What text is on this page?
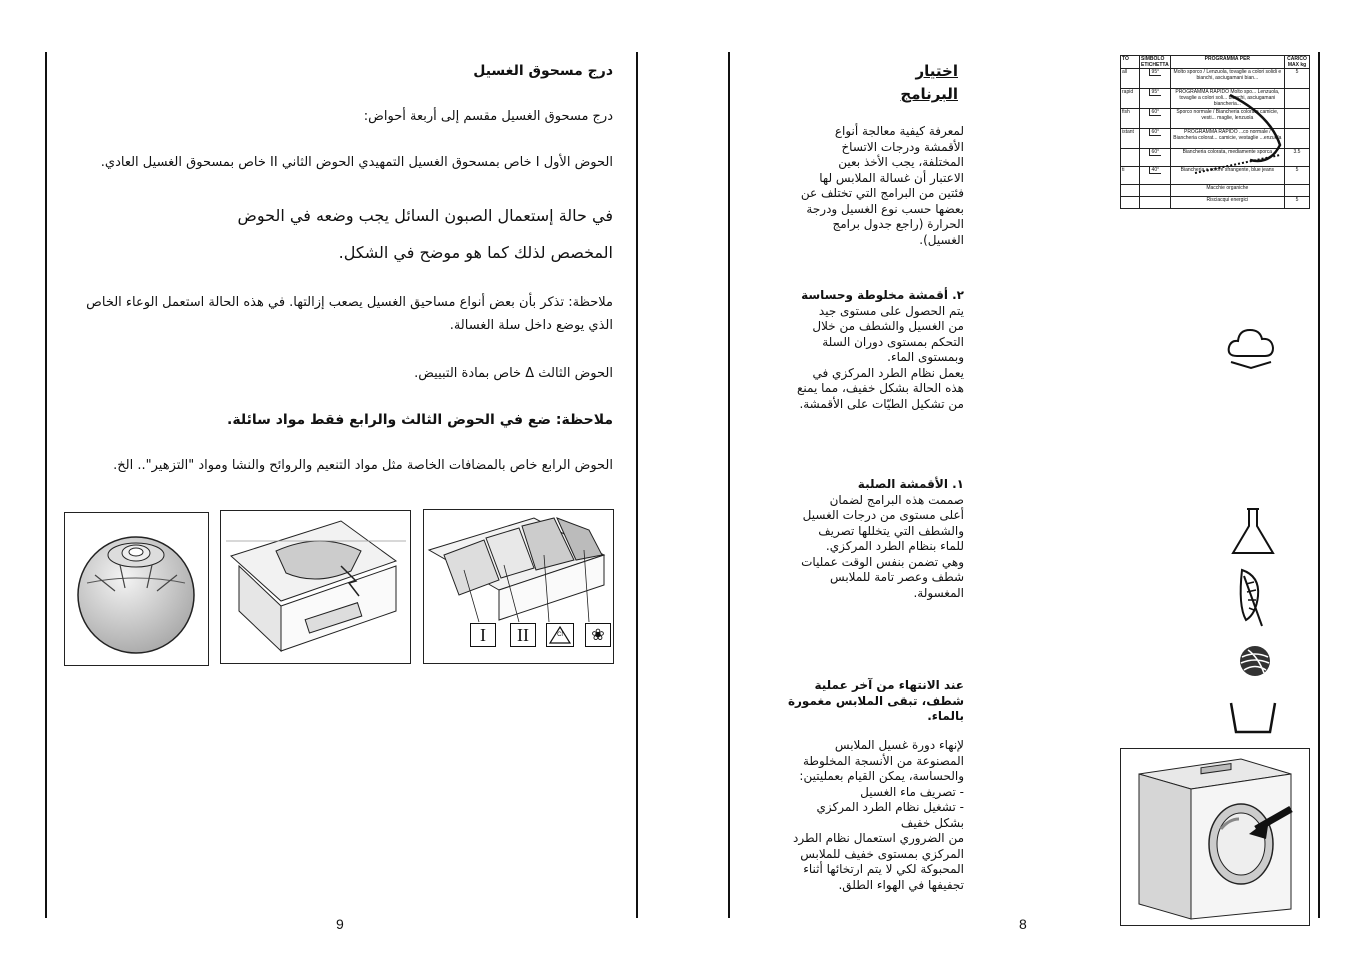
درج مسحوق الغسيل
درج مسحوق الغسيل مقسم إلى أربعة أحواض:
الحوض الأول I خاص بمسحوق الغسيل التمهيدي الحوض الثاني II خاص بمسحوق الغسيل العادي.
في حالة إستعمال الصبون السائل يجب وضعه في الحوض
المخصص لذلك كما هو موضح في الشكل.
ملاحظة: تذكر بأن بعض أنواع مساحيق الغسيل يصعب إزالتها. في هذه الحالة استعمل الوعاء الخاص
الذي يوضع داخل سلة الغسالة.
الحوض الثالث Δ خاص بمادة التبييض.
ملاحظة: ضع في الحوض الثالث والرابع فقط مواد سائلة.
الحوض الرابع خاص بالمضافات الخاصة مثل مواد التنعيم والروائح والنشا ومواد "التزهير".. الخ.
I	II	Cl	❀
9
اختيار
البرنامج
لمعرفة كيفية معالجة أنواع
الأقمشة ودرجات الاتساخ
المختلفة، يجب الأخذ بعين
الاعتبار أن غسالة الملابس لها
فئتين من البرامج التي تختلف عن
بعضها حسب نوع الغسيل ودرجة
الحرارة (راجع جدول برامج
الغسيل).
٢. أقمشة مخلوطة وحساسة
يتم الحصول على مستوى جيد
من الغسيل والشطف من خلال
التحكم بمستوى دوران السلة
وبمستوى الماء.
يعمل نظام الطرد المركزي في
هذه الحالة بشكل خفيف، مما يمنع
من تشكيل الطيّات على الأقمشة.
١. الأقمشة الصلبة
صممت هذه البرامج لضمان
أعلى مستوى من درجات الغسيل
والشطف التي يتخللها تصريف
للماء بنظام الطرد المركزي.
وهي تضمن بنفس الوقت عمليات
شطف وعصر تامة للملابس
المغسولة.
عند الانتهاء من آخر عملية
شطف، تبقى الملابس مغمورة
بالماء.
لإنهاء دورة غسيل الملابس
المصنوعة من الأنسجة المخلوطة
والحساسة، يمكن القيام بعمليتين:
- تصريف ماء الغسيل
- تشغيل نظام الطرد المركزي
بشكل خفيف
من الضروري استعمال نظام الطرد
المركزي بمستوى خفيف للملابس
المحبوكة لكي لا يتم ارتخائها أثناء
تجفيفها في الهواء الطلق.
8
TO	SIMBOLO ETICHETTA	PROGRAMMA PER	CARICO MAX kg
all	95°	Molto sporco / Lenzuola, tovaglie a colori solidi e bianchi, asciugamani bian...	5
rapid	95°	PROGRAMMA RAPIDO Molto spo... Lenzuola, tovaglie a colori soli... bianchi, asciugamani biancheria...	
fish	60°	Sporco normale / Biancheria colorata camicie, vesti... maglie, lenzuola	
istant	60°	PROGRAMMA RAPIDO ...co normale / Biancheria colorat... camicie, vestaglie ...enzuola	
	60°	Biancheria colorata, mediamente sporca	3.5
ti	40°	Biancheria a colore sfrangente, blue jeans	5
		Macchie organiche	
		Risciacqui energici	5
